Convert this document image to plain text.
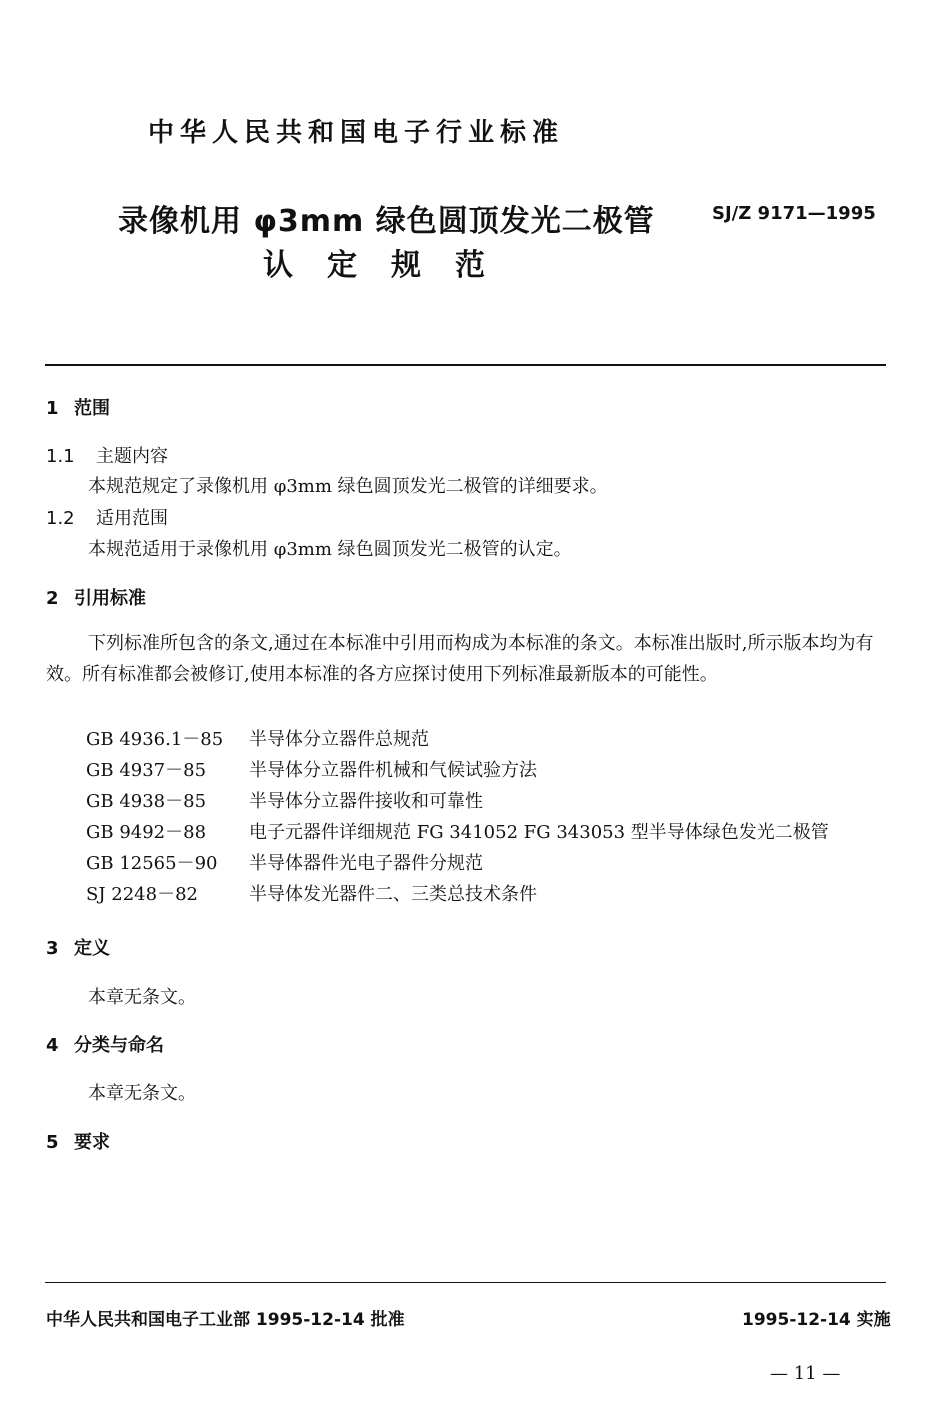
中华人民共和国电子行业标准
录像机用 φ3mm 绿色圆顶发光二极管
认定规范
SJ/Z 9171—1995
1 范围
1.1 主题内容
本规范规定了录像机用 φ3mm 绿色圆顶发光二极管的详细要求。
1.2 适用范围
本规范适用于录像机用 φ3mm 绿色圆顶发光二极管的认定。
2 引用标准
下列标准所包含的条文,通过在本标准中引用而构成为本标准的条文。本标准出版时,所示版本均为有效。所有标准都会被修订,使用本标准的各方应探讨使用下列标准最新版本的可能性。
GB 4936.1－85	半导体分立器件总规范
GB 4937－85	半导体分立器件机械和气候试验方法
GB 4938－85	半导体分立器件接收和可靠性
GB 9492－88	电子元器件详细规范 FG 341052 FG 343053 型半导体绿色发光二极管
GB 12565－90	半导体器件光电子器件分规范
SJ 2248－82	半导体发光器件二、三类总技术条件
3 定义
本章无条文。
4 分类与命名
本章无条文。
5 要求
中华人民共和国电子工业部 1995-12-14 批准	1995-12-14 实施
— 11 —
